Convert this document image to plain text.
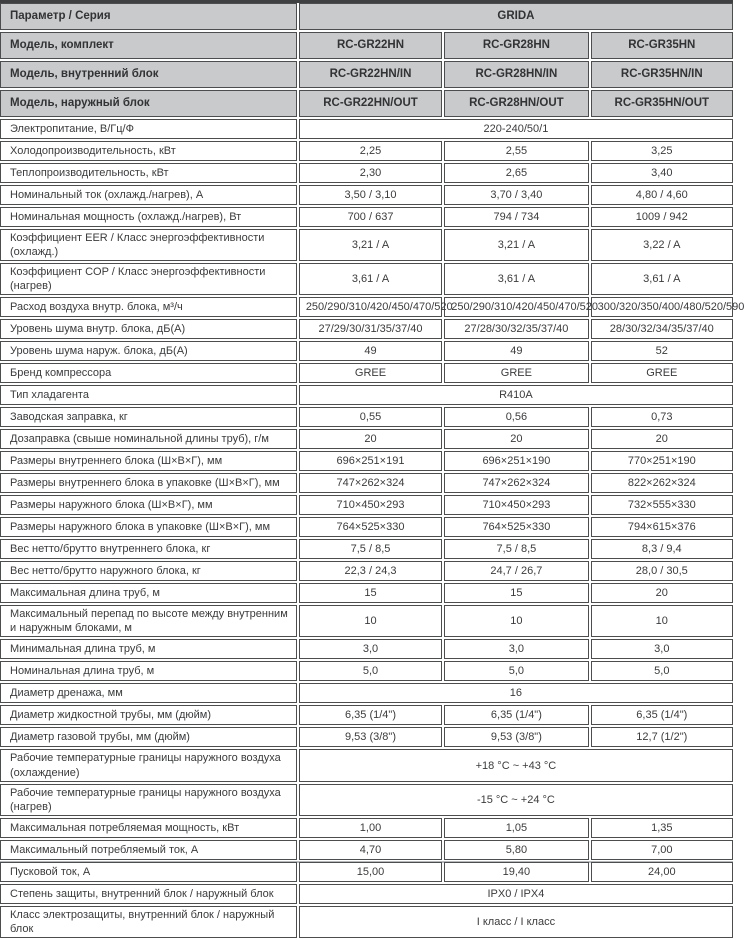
Параметр / Серия	GRIDA		
Модель, комплект	RC-GR22HN	RC-GR28HN	RC-GR35HN
Модель, внутренний блок	RC-GR22HN/IN	RC-GR28HN/IN	RC-GR35HN/IN
Модель, наружный блок	RC-GR22HN/OUT	RC-GR28HN/OUT	RC-GR35HN/OUT
Электропитание, В/Гц/Ф	220-240/50/1		
Холодопроизводительность, кВт	2,25	2,55	3,25
Теплопроизводительность, кВт	2,30	2,65	3,40
Номинальный ток (охлажд./нагрев), А	3,50 / 3,10	3,70 / 3,40	4,80 / 4,60
Номинальная мощность (охлажд./нагрев), Вт	700 / 637	794 / 734	1009 / 942
Коэффициент EER / Класс энергоэффективности (охлажд.)	3,21 / A	3,21 / A	3,22 / A
Коэффициент COP / Класс энергоэффективности (нагрев)	3,61 / A	3,61 / A	3,61 / A
Расход воздуха внутр. блока, м³/ч	250/290/310/420/450/470/520	250/290/310/420/450/470/520	300/320/350/400/480/520/590
Уровень шума внутр. блока, дБ(А)	27/29/30/31/35/37/40	27/28/30/32/35/37/40	28/30/32/34/35/37/40
Уровень шума наруж. блока, дБ(А)	49	49	52
Бренд компрессора	GREE	GREE	GREE
Тип хладагента	R410A		
Заводская заправка, кг	0,55	0,56	0,73
Дозаправка (свыше номинальной длины труб), г/м	20	20	20
Размеры внутреннего блока (Ш×В×Г), мм	696×251×191	696×251×190	770×251×190
Размеры внутреннего блока в упаковке (Ш×В×Г), мм	747×262×324	747×262×324	822×262×324
Размеры наружного блока (Ш×В×Г), мм	710×450×293	710×450×293	732×555×330
Размеры наружного блока в упаковке (Ш×В×Г), мм	764×525×330	764×525×330	794×615×376
Вес нетто/брутто внутреннего блока, кг	7,5 / 8,5	7,5 / 8,5	8,3 / 9,4
Вес нетто/брутто наружного блока, кг	22,3 / 24,3	24,7 / 26,7	28,0 / 30,5
Максимальная длина труб, м	15	15	20
Максимальный перепад по высоте между внутренним и наружным блоками, м	10	10	10
Минимальная длина труб, м	3,0	3,0	3,0
Номинальная длина труб, м	5,0	5,0	5,0
Диаметр дренажа, мм	16		
Диаметр жидкостной трубы, мм (дюйм)	6,35 (1/4")	6,35 (1/4")	6,35 (1/4")
Диаметр газовой трубы, мм (дюйм)	9,53 (3/8")	9,53 (3/8")	12,7 (1/2")
Рабочие температурные границы наружного воздуха (охлаждение)	+18 °C ~ +43 °C		
Рабочие температурные границы наружного воздуха (нагрев)	-15 °C ~ +24 °C		
Максимальная потребляемая мощность, кВт	1,00	1,05	1,35
Максимальный потребляемый ток, А	4,70	5,80	7,00
Пусковой ток, А	15,00	19,40	24,00
Степень защиты, внутренний блок / наружный блок	IPX0 / IPX4		
Класс электрозащиты, внутренний блок / наружный блок	I класс / I класс		
